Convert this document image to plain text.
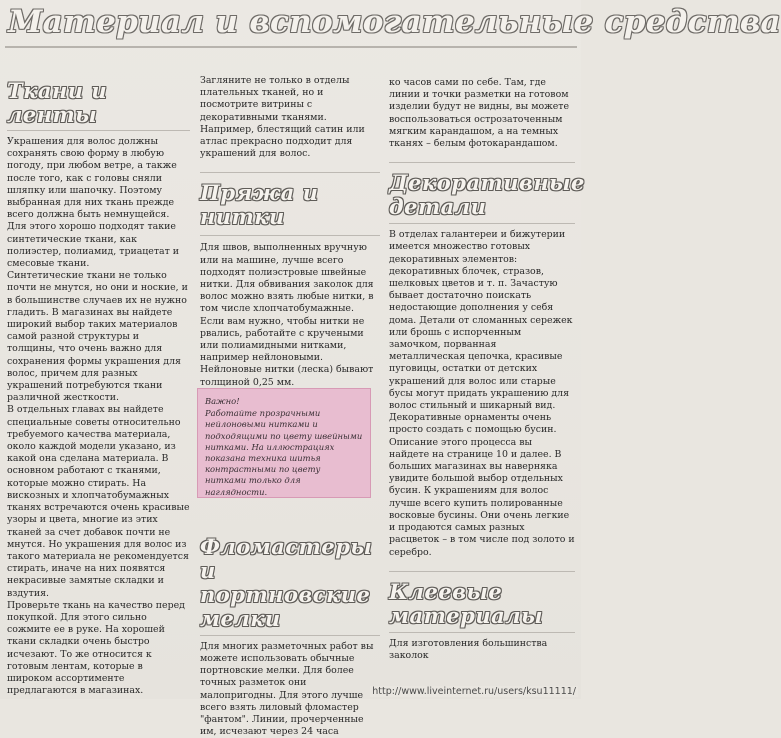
Материал и вспомогательные средства
Ткани и ленты

Украшения для волос должны сохранять свою форму в любую погоду, при любом ветре, а также после того, как с головы сняли шляпку или шапочку. Поэтому выбранная для них ткань прежде всего должна быть немнущейся. Для этого хорошо подходят такие синтетические ткани, как полиэстер, полиамид, триацетат и смесовые ткани.

Синтетические ткани не только почти не мнутся, но они и ноские, и в большинстве случаев их не нужно гладить. В магазинах вы найдете широкий выбор таких материалов самой разной структуры и толщины, что очень важно для сохранения формы украшения для волос, причем для разных украшений потребуются ткани различной жесткости.

В отдельных главах вы найдете специальные советы относительно требуемого качества материала, около каждой модели указано, из какой она сделана материала. В основном работают с тканями, которые можно стирать. На вискозных и хлопчатобумажных тканях встречаются очень красивые узоры и цвета, многие из этих тканей за счет добавок почти не мнутся. Но украшения для волос из такого материала не рекомендуется стирать, иначе на них появятся некрасивые замятые складки и вздутия.

Проверьте ткань на качество перед покупкой. Для этого сильно сожмите ее в руке. На хорошей ткани складки очень быстро исчезают. То же относится к готовым лентам, которые в широком ассортименте предлагаются в магазинах.

Загляните не только в отделы плательных тканей, но и посмотрите витрины с декоративными тканями. Например, блестящий сатин или атлас прекрасно подходит для украшений для волос.

Пряжа и нитки

Для швов, выполненных вручную или на машине, лучше всего подходят полиэстровые швейные нитки. Для обвивания заколок для волос можно взять любые нитки, в том числе хлопчатобумажные. Если вам нужно, чтобы нитки не рвались, работайте с кручеными или полиамидными нитками, например нейлоновыми. Нейлоновые нитки (леска) бывают толщиной 0,25 мм.

Фломастеры
и портновские
мелки

Для многих разметочных работ вы можете использовать обычные портновские мелки. Для более точных разметок они малопригодны. Для этого лучше всего взять лиловый фломастер "фантом". Линии, прочерченные им, исчезают через 24 часа

Важно!
Работайте прозрачными нейлоновыми нитками и подходящими по цвету швейными нитками. На иллюстрациях показана техника шитья контрастными по цвету нитками только для наглядности.

ко часов сами по себе. Там, где линии и точки разметки на готовом изделии будут не видны, вы можете воспользоваться острозаточенным мягким карандашом, а на темных тканях – белым фотокарандашом.

Декоративные
детали

В отделах галантереи и бижутерии имеется множество готовых декоративных элементов: декоративных блочек, стразов, шелковых цветов и т. п. Зачастую бывает достаточно поискать недостающие дополнения у себя дома. Детали от сломанных сережек или брошь с испорченным замочком, порванная металлическая цепочка, красивые пуговицы, остатки от детских украшений для волос или старые бусы могут придать украшению для волос стильный и шикарный вид.

Декоративные орнаменты очень просто создать с помощью бусин. Описание этого процесса вы найдете на странице 10 и далее. В больших магазинах вы наверняка увидите большой выбор отдельных бусин. К украшениям для волос лучше всего купить полированные восковые бусины. Они очень легкие и продаются самых разных расцветок – в том числе под золото и серебро.

Клеевые
материалы

Для изготовления большинства заколок

http://www.liveinternet.ru/users/ksu11111/
